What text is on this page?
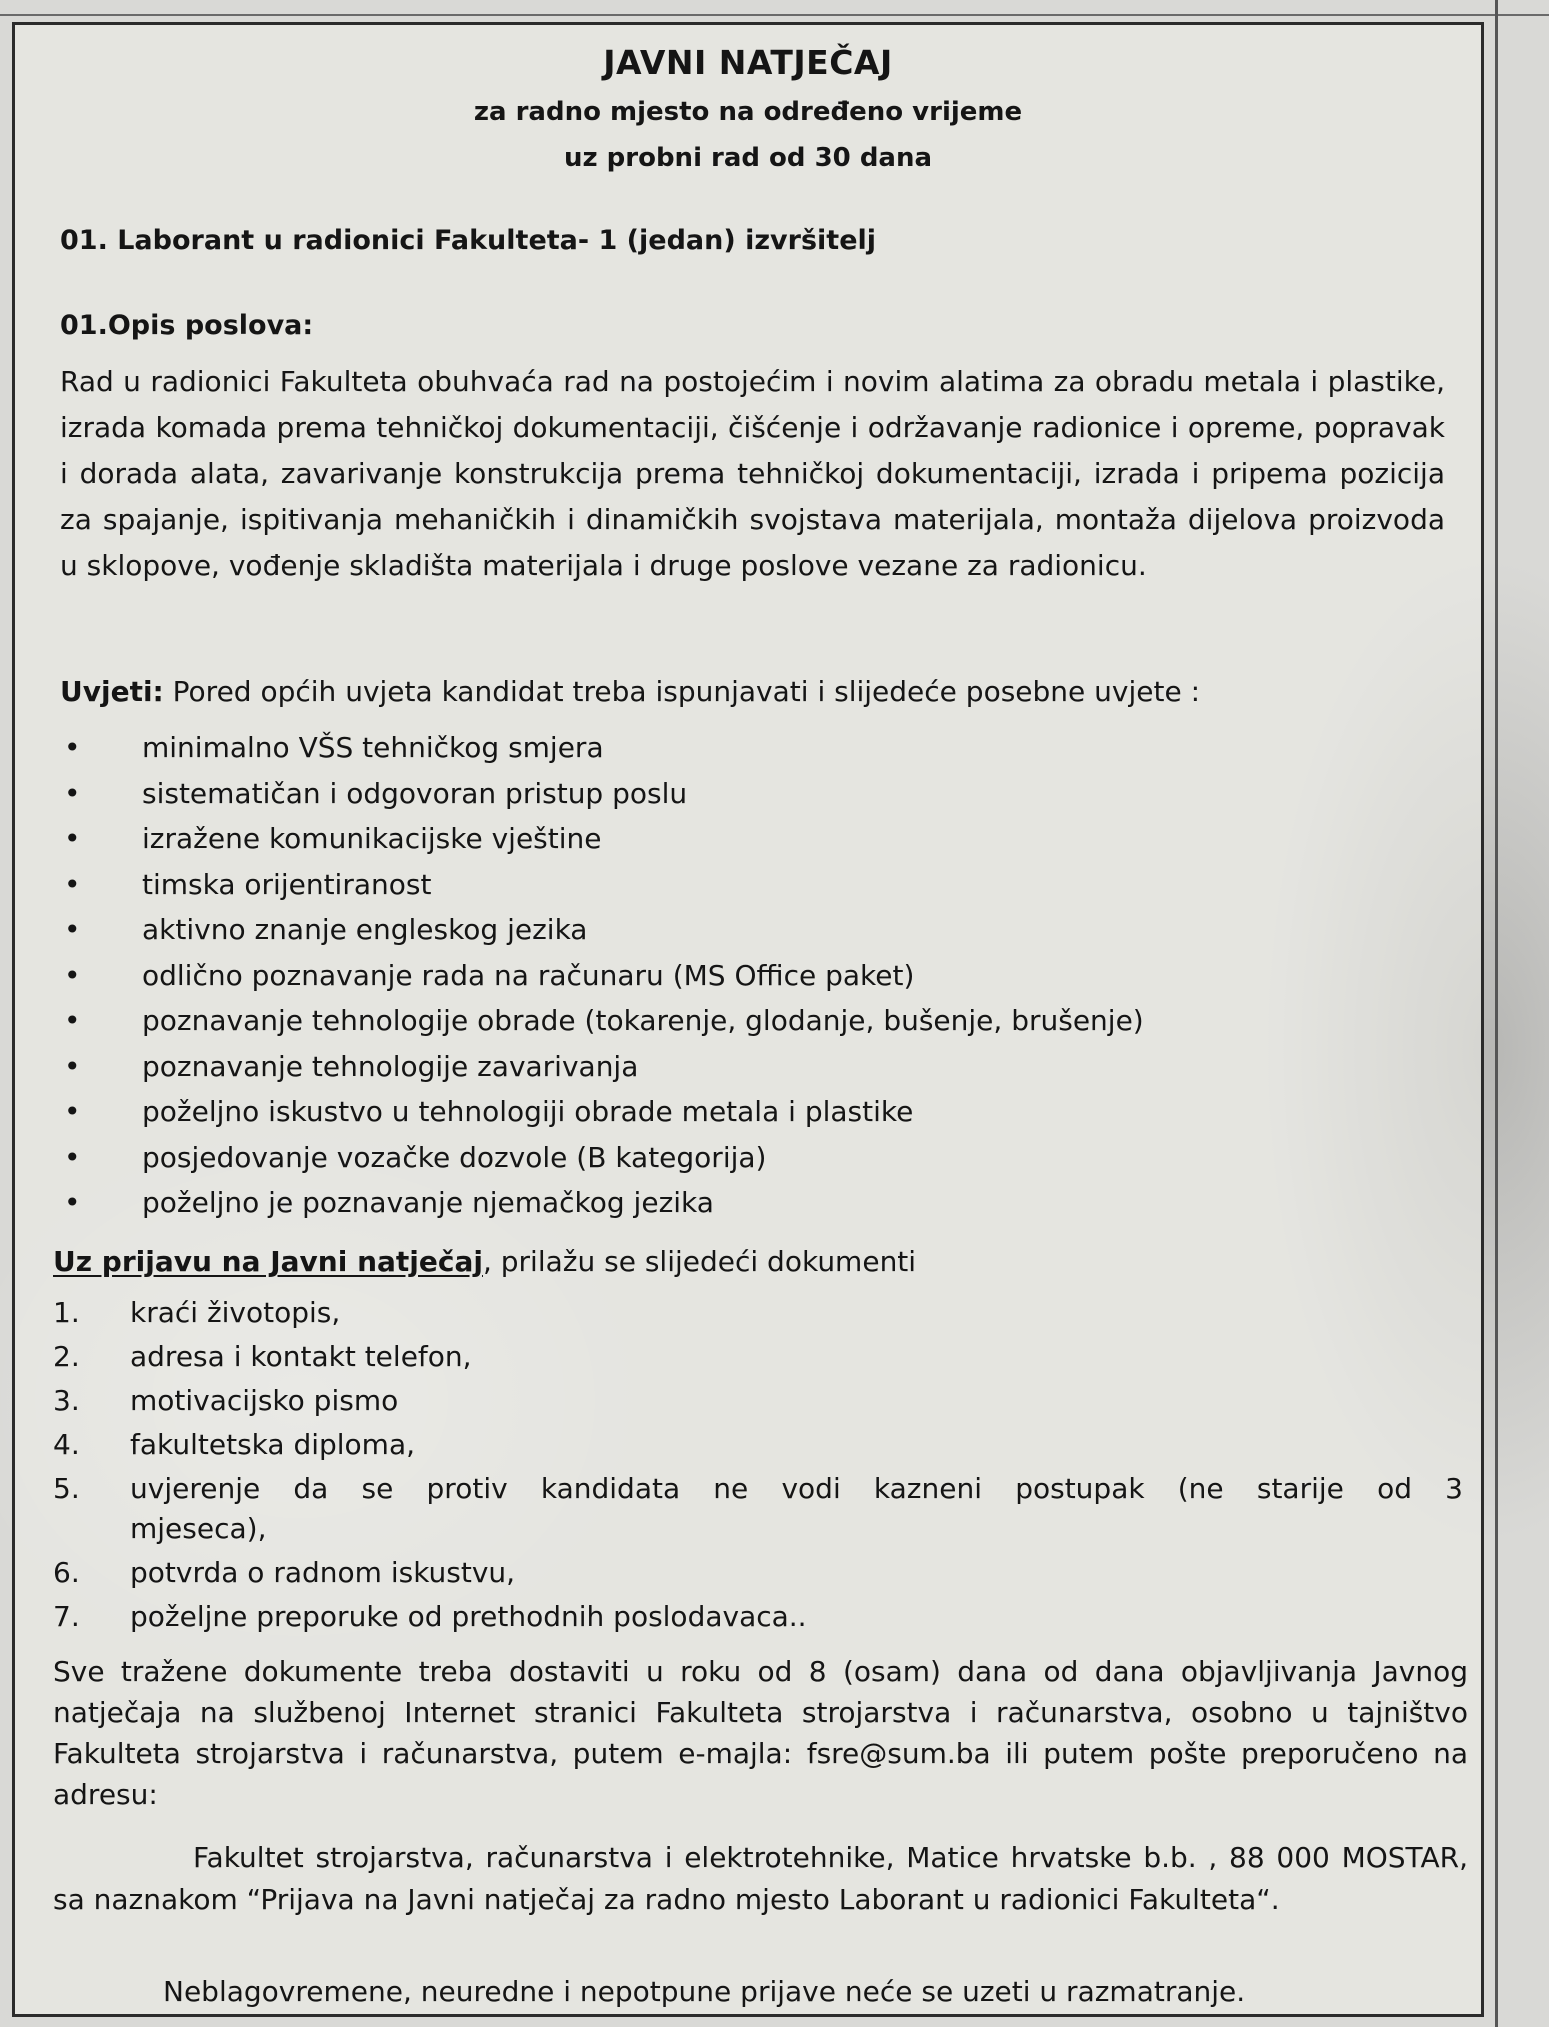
JAVNI NATJEČAJ
za radno mjesto na određeno vrijeme
uz probni rad od 30 dana
01. Laborant u radionici Fakulteta- 1 (jedan) izvršitelj
01.Opis poslova:
Rad u radionici Fakulteta obuhvaća rad na postojećim i novim alatima za obradu metala i plastike, izrada komada prema tehničkoj dokumentaciji, čišćenje i održavanje radionice i opreme, popravak i dorada alata, zavarivanje konstrukcija prema tehničkoj dokumentaciji, izrada i pripema pozicija za spajanje, ispitivanja mehaničkih i dinamičkih svojstava materijala, montaža dijelova proizvoda u sklopove, vođenje skladišta materijala i druge poslove vezane za radionicu.
Uvjeti: Pored općih uvjeta kandidat treba ispunjavati i slijedeće posebne uvjete :
• minimalno VŠS tehničkog smjera
• sistematičan i odgovoran pristup poslu
• izražene komunikacijske vještine
• timska orijentiranost
• aktivno znanje engleskog jezika
• odlično poznavanje rada na računaru (MS Office paket)
• poznavanje tehnologije obrade (tokarenje, glodanje, bušenje, brušenje)
• poznavanje tehnologije zavarivanja
• poželjno iskustvo u tehnologiji obrade metala i plastike
• posjedovanje vozačke dozvole (B kategorija)
• poželjno je poznavanje njemačkog jezika
Uz prijavu na Javni natječaj, prilažu se slijedeći dokumenti
1. kraći životopis,
2. adresa i kontakt telefon,
3. motivacijsko pismo
4. fakultetska diploma,
5. uvjerenje da se protiv kandidata ne vodi kazneni postupak (ne starije od 3
mjeseca),
6. potvrda o radnom iskustvu,
7. poželjne preporuke od prethodnih poslodavaca..
Sve tražene dokumente treba dostaviti u roku od 8 (osam) dana od dana objavljivanja Javnog natječaja na službenoj Internet stranici Fakulteta strojarstva i računarstva, osobno u tajništvo Fakulteta strojarstva i računarstva, putem e-majla: fsre@sum.ba ili putem pošte preporučeno na adresu:
Fakultet strojarstva, računarstva i elektrotehnike, Matice hrvatske b.b. , 88 000 MOSTAR, sa naznakom “Prijava na Javni natječaj za radno mjesto Laborant u radionici Fakulteta“.
Neblagovremene, neuredne i nepotpune prijave neće se uzeti u razmatranje.
